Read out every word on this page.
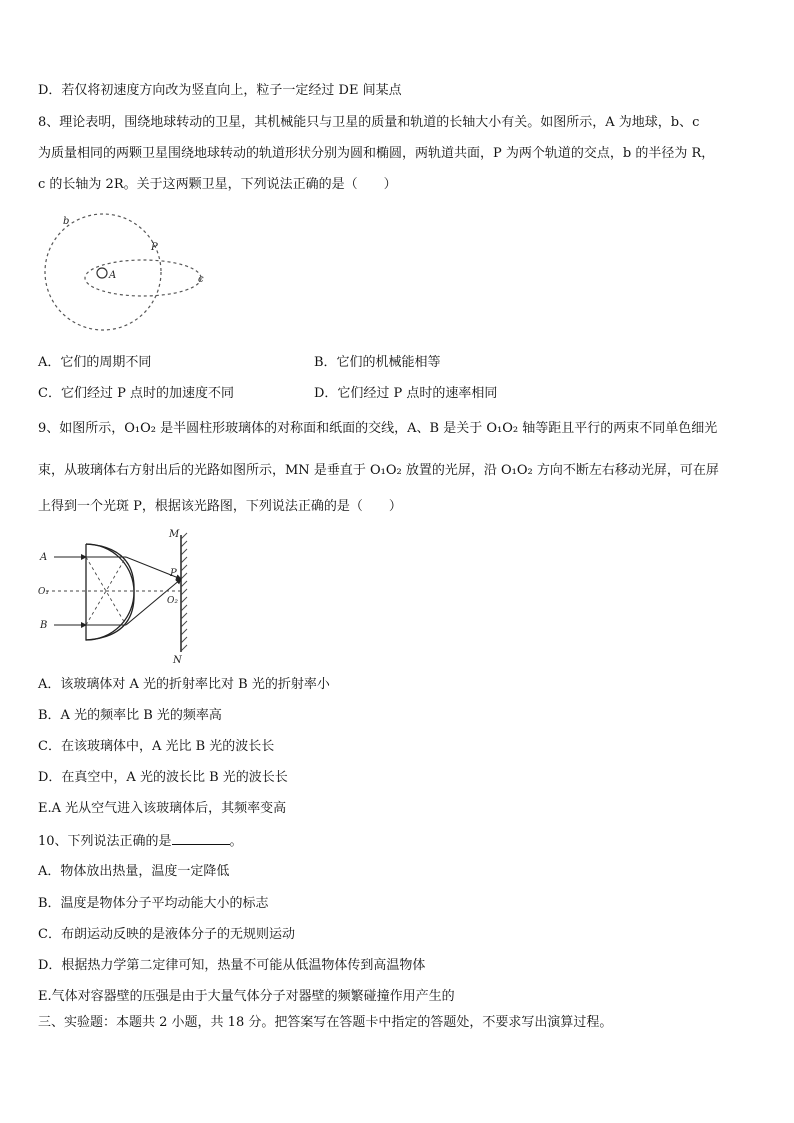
D．若仅将初速度方向改为竖直向上，粒子一定经过 DE 间某点
8、理论表明，围绕地球转动的卫星，其机械能只与卫星的质量和轨道的长轴大小有关。如图所示，A 为地球，b、c
为质量相同的两颗卫星围绕地球转动的轨道形状分别为圆和椭圆，两轨道共面，P 为两个轨道的交点，b 的半径为 R，
c 的长轴为 2R。关于这两颗卫星，下列说法正确的是（　　）
b
P
A	c
A．它们的周期不同	B．它们的机械能相等
C．它们经过 P 点时的加速度不同	D．它们经过 P 点时的速率相同
9、如图所示，O₁O₂ 是半圆柱形玻璃体的对称面和纸面的交线，A、B 是关于 O₁O₂ 轴等距且平行的两束不同单色细光
束，从玻璃体右方射出后的光路如图所示，MN 是垂直于 O₁O₂ 放置的光屏，沿 O₁O₂ 方向不断左右移动光屏，可在屏
上得到一个光斑 P，根据该光路图，下列说法正确的是（　　）
M
A
P
O₁
O₂
B
N
A．该玻璃体对 A 光的折射率比对 B 光的折射率小
B．A 光的频率比 B 光的频率高
C．在该玻璃体中，A 光比 B 光的波长长
D．在真空中，A 光的波长比 B 光的波长长
E.A 光从空气进入该玻璃体后，其频率变高
10、下列说法正确的是	。
A．物体放出热量，温度一定降低
B．温度是物体分子平均动能大小的标志
C．布朗运动反映的是液体分子的无规则运动
D．根据热力学第二定律可知，热量不可能从低温物体传到高温物体
E.气体对容器壁的压强是由于大量气体分子对器壁的频繁碰撞作用产生的
三、实验题：本题共 2 小题，共 18 分。把答案写在答题卡中指定的答题处，不要求写出演算过程。
